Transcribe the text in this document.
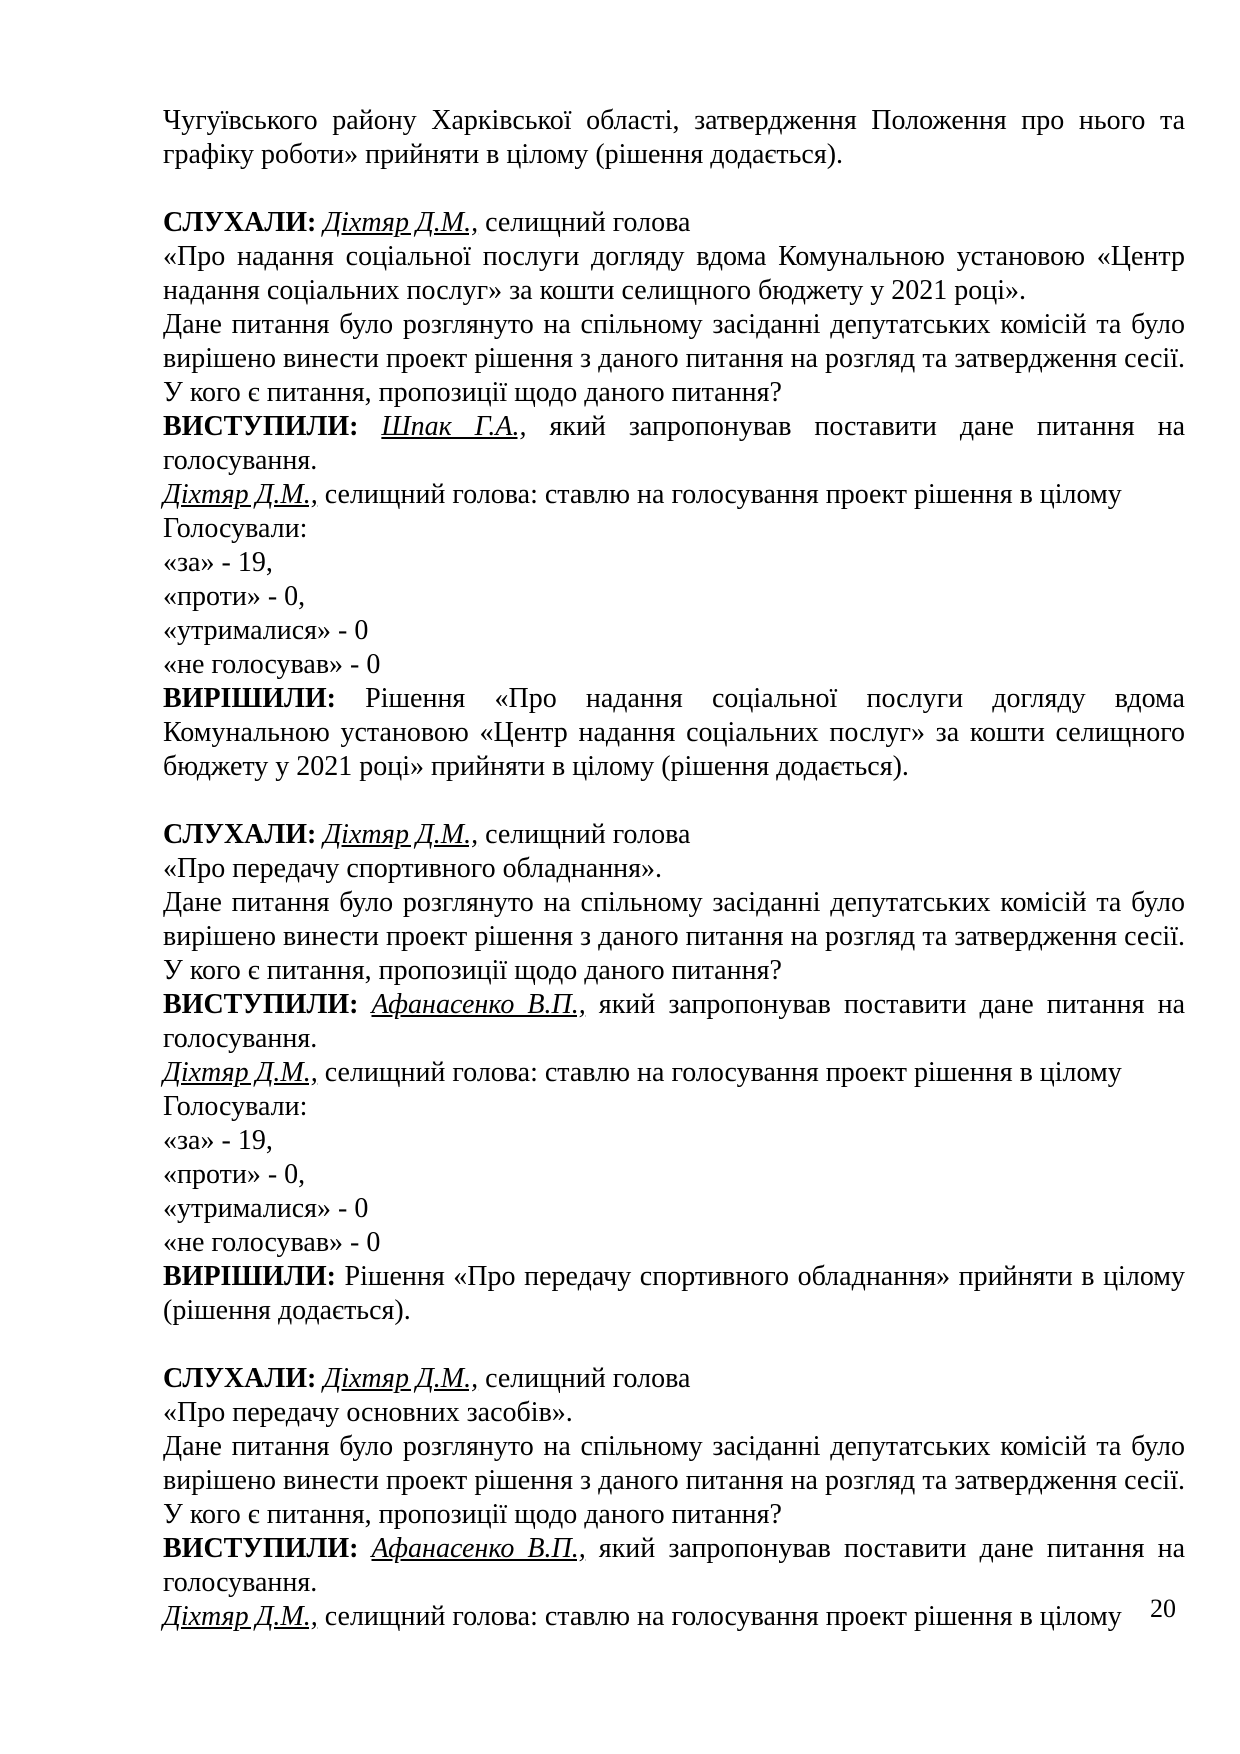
Чугуївського району Харківської області, затвердження Положення про нього та графіку роботи» прийняти в цілому (рішення додається).

СЛУХАЛИ: Діхтяр Д.М., селищний голова

«Про надання соціальної послуги догляду вдома Комунальною установою «Центр надання соціальних послуг» за кошти селищного бюджету у 2021 році».

Дане питання було розглянуто на спільному засіданні депутатських комісій та було вирішено винести проект рішення з даного питання на розгляд та затвердження сесії. У кого є питання, пропозиції щодо даного питання?

ВИСТУПИЛИ: Шпак Г.А., який запропонував поставити дане питання на голосування.

Діхтяр Д.М., селищний голова: ставлю на голосування проект рішення в цілому

Голосували:

«за» - 19,

«проти» - 0,

«утрималися» - 0

«не голосував» - 0

ВИРІШИЛИ: Рішення «Про надання соціальної послуги догляду вдома Комунальною установою «Центр надання соціальних послуг» за кошти селищного бюджету у 2021 році» прийняти в цілому (рішення додається).

СЛУХАЛИ: Діхтяр Д.М., селищний голова

«Про передачу спортивного обладнання».

Дане питання було розглянуто на спільному засіданні депутатських комісій та було вирішено винести проект рішення з даного питання на розгляд та затвердження сесії. У кого є питання, пропозиції щодо даного питання?

ВИСТУПИЛИ: Афанасенко В.П., який запропонував поставити дане питання на голосування.

Діхтяр Д.М., селищний голова: ставлю на голосування проект рішення в цілому

Голосували:

«за» - 19,

«проти» - 0,

«утрималися» - 0

«не голосував» - 0

ВИРІШИЛИ: Рішення «Про передачу спортивного обладнання» прийняти в цілому (рішення додається).

СЛУХАЛИ: Діхтяр Д.М., селищний голова

«Про передачу основних засобів».

Дане питання було розглянуто на спільному засіданні депутатських комісій та було вирішено винести проект рішення з даного питання на розгляд та затвердження сесії. У кого є питання, пропозиції щодо даного питання?

ВИСТУПИЛИ: Афанасенко В.П., який запропонував поставити дане питання на голосування.

Діхтяр Д.М., селищний голова: ставлю на голосування проект рішення в цілому	20
